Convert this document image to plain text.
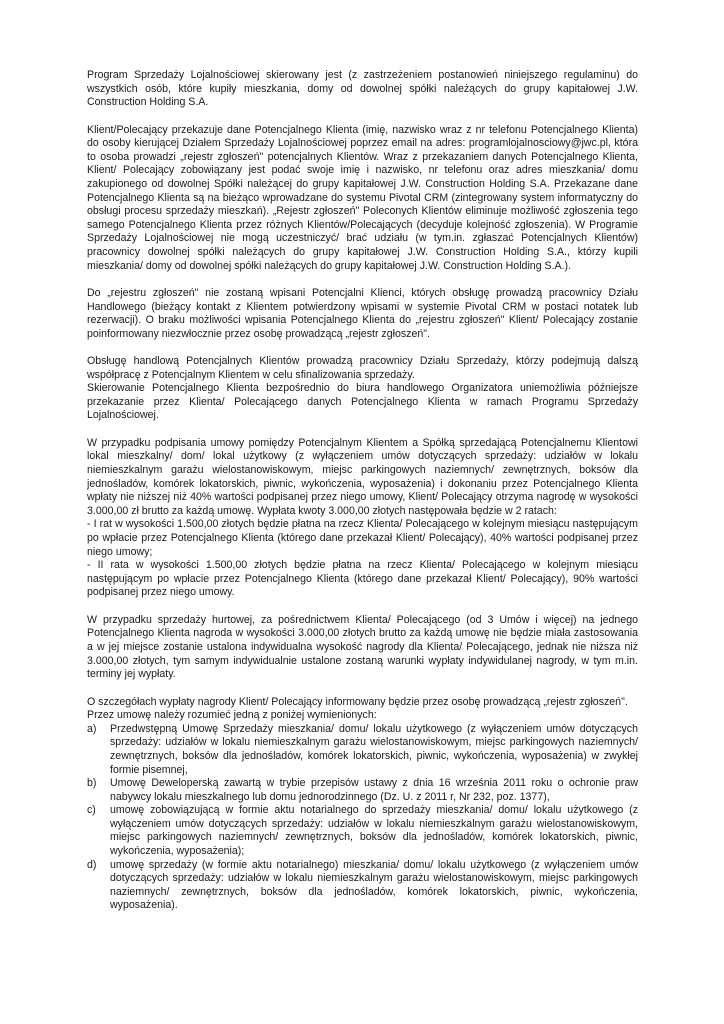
Program Sprzedaży Lojalnościowej skierowany jest (z zastrzeżeniem postanowień niniejszego regulaminu) do wszystkich osób, które kupiły mieszkania, domy od dowolnej spółki należących do grupy kapitałowej J.W. Construction Holding S.A.

Klient/Polecający przekazuje dane Potencjalnego Klienta (imię, nazwisko wraz z nr telefonu Potencjalnego Klienta) do osoby kierującej Działem Sprzedaży Lojalnościowej poprzez email na adres: programlojalnosciowy@jwc.pl, która to osoba prowadzi „rejestr zgłoszeń" potencjalnych Klientów. Wraz z przekazaniem danych Potencjalnego Klienta, Klient/ Polecający zobowiązany jest podać swoje imię i nazwisko, nr telefonu oraz adres mieszkania/ domu zakupionego od dowolnej Spółki należącej do grupy kapitałowej J.W. Construction Holding S.A. Przekazane dane Potencjalnego Klienta są na bieżąco wprowadzane do systemu Pivotal CRM (zintegrowany system informatyczny do obsługi procesu sprzedaży mieszkań). „Rejestr zgłoszeń" Poleconych Klientów eliminuje możliwość zgłoszenia tego samego Potencjalnego Klienta przez różnych Klientów/Polecających (decyduje kolejność zgłoszenia). W Programie Sprzedaży Lojalnościowej nie mogą uczestniczyć/ brać udziału (w tym.in. zgłaszać Potencjalnych Klientów) pracownicy dowolnej spółki należących do grupy kapitałowej J.W. Construction Holding S.A., którzy kupili mieszkania/ domy od dowolnej spółki należących do grupy kapitałowej J.W. Construction Holding S.A.).

Do „rejestru zgłoszeń" nie zostaną wpisani Potencjalni Klienci, których obsługę prowadzą pracownicy Działu Handlowego (bieżący kontakt z Klientem potwierdzony wpisami w systemie Pivotal CRM w postaci notatek lub rezerwacji). O braku możliwości wpisania Potencjalnego Klienta do „rejestru zgłoszeń" Klient/ Polecający zostanie poinformowany niezwłocznie przez osobę prowadzącą „rejestr zgłoszeń".

Obsługę handlową Potencjalnych Klientów prowadzą pracownicy Działu Sprzedaży, którzy podejmują dalszą współpracę z Potencjalnym Klientem w celu sfinalizowania sprzedaży.

Skierowanie Potencjalnego Klienta bezpośrednio do biura handlowego Organizatora uniemożliwia późniejsze przekazanie przez Klienta/ Polecającego danych Potencjalnego Klienta w ramach Programu Sprzedaży Lojalnościowej.

W przypadku podpisania umowy pomiędzy Potencjalnym Klientem a Spółką sprzedającą Potencjalnemu Klientowi lokal mieszkalny/ dom/ lokal użytkowy (z wyłączeniem umów dotyczących sprzedaży: udziałów w lokalu niemieszkalnym garażu wielostanowiskowym, miejsc parkingowych naziemnych/ zewnętrznych, boksów dla jednośladów, komórek lokatorskich, piwnic, wykończenia, wyposażenia) i dokonaniu przez Potencjalnego Klienta wpłaty nie niższej niż 40% wartości podpisanej przez niego umowy, Klient/ Polecający otrzyma nagrodę w wysokości 3.000,00 zł brutto za każdą umowę. Wypłata kwoty 3.000,00 złotych następowała będzie w 2 ratach:

- I rat w wysokości 1.500,00 złotych będzie płatna na rzecz Klienta/ Polecającego w kolejnym miesiącu następującym po wpłacie przez Potencjalnego Klienta (którego dane przekazał Klient/ Polecający), 40% wartości podpisanej przez niego umowy;

- II rata w wysokości 1.500,00 złotych będzie płatna na rzecz Klienta/ Polecającego w kolejnym miesiącu następującym po wpłacie przez Potencjalnego Klienta (którego dane przekazał Klient/ Polecający), 90% wartości podpisanej przez niego umowy.

W przypadku sprzedaży hurtowej, za pośrednictwem Klienta/ Polecającego (od 3 Umów i więcej) na jednego Potencjalnego Klienta nagroda w wysokości 3.000,00 złotych brutto za każdą umowę nie będzie miała zastosowania a w jej miejsce zostanie ustalona indywidualna wysokość nagrody dla Klienta/ Polecającego, jednak nie niższa niż 3.000,00 złotych, tym samym indywidualnie ustalone zostaną warunki wypłaty indywidulanej nagrody, w tym m.in. terminy jej wypłaty.

O szczegółach wypłaty nagrody Klient/ Polecający informowany będzie przez osobę prowadzącą „rejestr zgłoszeń".

Przez umowę należy rozumieć jedną z poniżej wymienionych:

a) Przedwstępną Umowę Sprzedaży mieszkania/ domu/ lokalu użytkowego (z wyłączeniem umów dotyczących sprzedaży: udziałów w lokalu niemieszkalnym garażu wielostanowiskowym, miejsc parkingowych naziemnych/ zewnętrznych, boksów dla jednośladów, komórek lokatorskich, piwnic, wykończenia, wyposażenia) w zwykłej formie pisemnej,
b) Umowę Deweloperską zawartą w trybie przepisów ustawy z dnia 16 września 2011 roku o ochronie praw nabywcy lokalu mieszkalnego lub domu jednorodzinnego (Dz. U. z 2011 r, Nr 232, poz. 1377),
c) umowę zobowiązującą w formie aktu notarialnego do sprzedaży mieszkania/ domu/ lokalu użytkowego (z wyłączeniem umów dotyczących sprzedaży: udziałów w lokalu niemieszkalnym garażu wielostanowiskowym, miejsc parkingowych naziemnych/ zewnętrznych, boksów dla jednośladów, komórek lokatorskich, piwnic, wykończenia, wyposażenia);
d) umowę sprzedaży (w formie aktu notarialnego) mieszkania/ domu/ lokalu użytkowego (z wyłączeniem umów dotyczących sprzedaży: udziałów w lokalu niemieszkalnym garażu wielostanowiskowym, miejsc parkingowych naziemnych/ zewnętrznych, boksów dla jednośladów, komórek lokatorskich, piwnic, wykończenia, wyposażenia).
